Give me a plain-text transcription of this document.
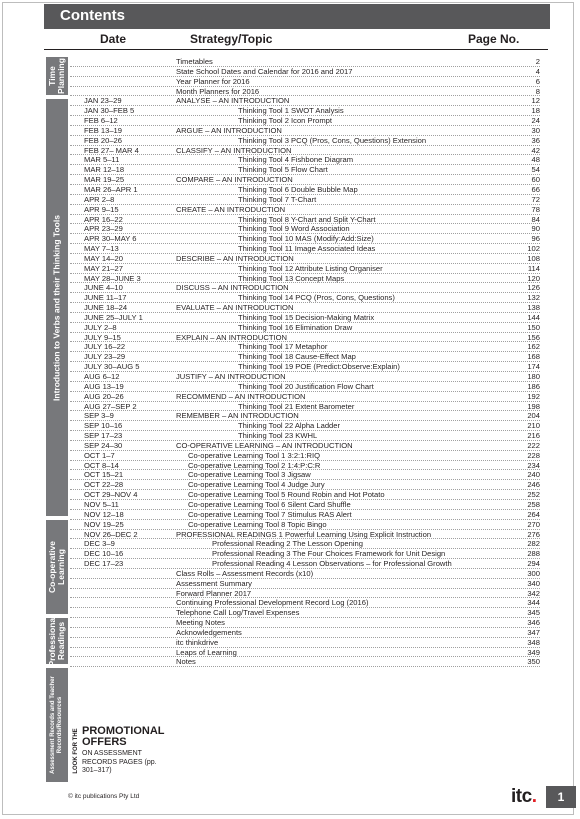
Contents
Date	Strategy/Topic	Page No.
Time Planning
Introduction to Verbs and their Thinking Tools
Co-operative Learning
Professional Readings
Assessment Records and Teacher Records/Resources
Timetables	2
State School Dates and Calendar for 2016 and 2017	4
Year Planner for 2016	6
Month Planners for 2016	8
JAN 23–29	ANALYSE – AN INTRODUCTION	12
JAN 30–FEB 5	Thinking Tool 1 SWOT Analysis	18
FEB 6–12	Thinking Tool 2 Icon Prompt	24
FEB 13–19	ARGUE – AN INTRODUCTION	30
FEB 20–26	Thinking Tool 3 PCQ (Pros, Cons, Questions) Extension	36
FEB 27– MAR 4	CLASSIFY – AN INTRODUCTION	42
MAR 5–11	Thinking Tool 4 Fishbone Diagram	48
MAR 12–18	Thinking Tool 5 Flow Chart	54
MAR 19–25	COMPARE – AN INTRODUCTION	60
MAR 26–APR 1	Thinking Tool 6 Double Bubble Map	66
APR 2–8	Thinking Tool 7 T-Chart	72
APR 9–15	CREATE – AN INTRODUCTION	78
APR 16–22	Thinking Tool 8 Y-Chart and Split Y-Chart	84
APR 23–29	Thinking Tool 9 Word Association	90
APR 30–MAY 6	Thinking Tool 10 MAS (Modify:Add:Size)	96
MAY 7–13	Thinking Tool 11 Image Associated Ideas	102
MAY 14–20	DESCRIBE – AN INTRODUCTION	108
MAY 21–27	Thinking Tool 12 Attribute Listing Organiser	114
MAY 28–JUNE 3	Thinking Tool 13 Concept Maps	120
JUNE 4–10	DISCUSS – AN INTRODUCTION	126
JUNE 11–17	Thinking Tool 14 PCQ (Pros, Cons, Questions)	132
JUNE 18–24	EVALUATE – AN INTRODUCTION	138
JUNE 25–JULY 1	Thinking Tool 15 Decision-Making Matrix	144
JULY 2–8	Thinking Tool 16 Elimination Draw	150
JULY 9–15	EXPLAIN – AN INTRODUCTION	156
JULY 16–22	Thinking Tool 17 Metaphor	162
JULY 23–29	Thinking Tool 18 Cause-Effect Map	168
JULY 30–AUG 5	Thinking Tool 19 POE (Predict:Observe:Explain)	174
AUG 6–12	JUSTIFY – AN INTRODUCTION	180
AUG 13–19	Thinking Tool 20 Justification Flow Chart	186
AUG 20–26	RECOMMEND – AN INTRODUCTION	192
AUG 27–SEP 2	Thinking Tool 21 Extent Barometer	198
SEP 3–9	REMEMBER – AN INTRODUCTION	204
SEP 10–16	Thinking Tool 22 Alpha Ladder	210
SEP 17–23	Thinking Tool 23 KWHL	216
SEP 24–30	CO-OPERATIVE LEARNING – AN INTRODUCTION	222
OCT 1–7	Co-operative Learning Tool 1 3:2:1:RIQ	228
OCT 8–14	Co-operative Learning Tool 2 1:4:P:C:R	234
OCT 15–21	Co-operative Learning Tool 3 Jigsaw	240
OCT 22–28	Co-operative Learning Tool 4 Judge Jury	246
OCT 29–NOV 4	Co-operative Learning Tool 5 Round Robin and Hot Potato	252
NOV 5–11	Co-operative Learning Tool 6 Silent Card Shuffle	258
NOV 12–18	Co-operative Learning Tool 7 Stimulus RAS Alert	264
NOV 19–25	Co-operative Learning Tool 8 Topic Bingo	270
NOV 26–DEC 2	PROFESSIONAL READINGS 1 Powerful Learning Using Explicit Instruction	276
DEC 3–9	Professional Reading 2 The Lesson Opening	282
DEC 10–16	Professional Reading 3 The Four Choices Framework for Unit Design	288
DEC 17–23	Professional Reading 4 Lesson Observations – for Professional Growth	294
Class Rolls – Assessment Records (x10)	300
Assessment Summary	340
Forward Planner 2017	342
Continuing Professional Development Record Log (2016)	344
Telephone Call Log/Travel Expenses	345
Meeting Notes	346
Acknowledgements	347
itc thinkdrive	348
Leaps of Learning	349
Notes	350
LOOK FOR THE PROMOTIONAL OFFERS
ON ASSESSMENT RECORDS PAGES (pp. 301–317)
© itc publications Pty Ltd	itc.	1
